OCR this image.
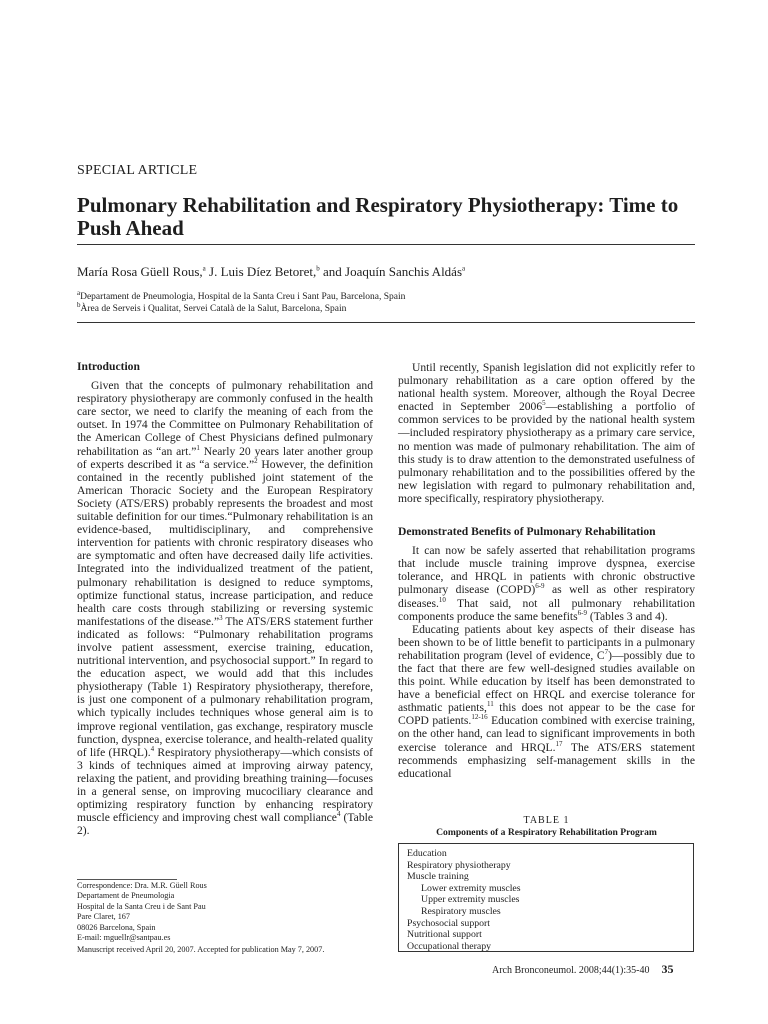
SPECIAL ARTICLE
Pulmonary Rehabilitation and Respiratory Physiotherapy: Time to Push Ahead
María Rosa Güell Rous,$^a$ J. Luis Díez Betoret,$^b$ and Joaquín Sanchis Aldás$^a$
$^a$Departament de Pneumologia, Hospital de la Santa Creu i Sant Pau, Barcelona, Spain
$^b$Àrea de Serveis i Qualitat, Servei Català de la Salut, Barcelona, Spain
Introduction

Given that the concepts of pulmonary rehabilitation and respiratory physiotherapy are commonly confused in the health care sector, we need to clarify the meaning of each from the outset. In 1974 the Committee on Pulmonary Rehabilitation of the American College of Chest Physicians defined pulmonary rehabilitation as “an art.”$^1$ Nearly 20 years later another group of experts described it as “a service.”$^2$ However, the definition contained in the recently published joint statement of the American Thoracic Society and the European Respiratory Society (ATS/ERS) probably represents the broadest and most suitable definition for our times.“Pulmonary rehabilitation is an evidence-based, multidisciplinary, and comprehensive intervention for patients with chronic respiratory diseases who are symptomatic and often have decreased daily life activities. Integrated into the individualized treatment of the patient, pulmonary rehabilitation is designed to reduce symptoms, optimize functional status, increase participation, and reduce health care costs through stabilizing or reversing systemic manifestations of the disease.”$^3$ The ATS/ERS statement further indicated as follows: “Pulmonary rehabilitation programs involve patient assessment, exercise training, education, nutritional intervention, and psychosocial support.” In regard to the education aspect, we would add that this includes physiotherapy (Table 1) Respiratory physiotherapy, therefore, is just one component of a pulmonary rehabilitation program, which typically includes techniques whose general aim is to improve regional ventilation, gas exchange, respiratory muscle function, dyspnea, exercise tolerance, and health-related quality of life (HRQL).$^4$ Respiratory physiotherapy—which consists of 3 kinds of techniques aimed at improving airway patency, relaxing the patient, and providing breathing training—focuses in a general sense, on improving mucociliary clearance and optimizing respiratory function by enhancing respiratory muscle efficiency and improving chest wall compliance$^4$ (Table 2).

Correspondence: Dra. M.R. Güell Rous
Departament de Pneumologia
Hospital de la Santa Creu i de Sant Pau
Pare Claret, 167
08026 Barcelona, Spain
E-mail: mguellr@santpau.es
Manuscript received April 20, 2007. Accepted for publication May 7, 2007.

Until recently, Spanish legislation did not explicitly refer to pulmonary rehabilitation as a care option offered by the national health system. Moreover, although the Royal Decree enacted in September 2006$^5$—establishing a portfolio of common services to be provided by the national health system—included respiratory physiotherapy as a primary care service, no mention was made of pulmonary rehabilitation. The aim of this study is to draw attention to the demonstrated usefulness of pulmonary rehabilitation and to the possibilities offered by the new legislation with regard to pulmonary rehabilitation and, more specifically, respiratory physiotherapy.

Demonstrated Benefits of Pulmonary Rehabilitation

It can now be safely asserted that rehabilitation programs that include muscle training improve dyspnea, exercise tolerance, and HRQL in patients with chronic obstructive pulmonary disease (COPD)$^{6-9}$ as well as other respiratory diseases.$^{10}$ That said, not all pulmonary rehabilitation components produce the same benefits$^{6-9}$ (Tables 3 and 4).

Educating patients about key aspects of their disease has been shown to be of little benefit to participants in a pulmonary rehabilitation program (level of evidence, $C^7)—possibly$ due to the fact that there are few well-designed studies available on this point. While education by itself has been demonstrated to have a beneficial effect on HRQL and exercise tolerance for asthmatic patients,$^{11}$ this does not appear to be the case for COPD patients.$^{12-16}$ Education combined with exercise training, on the other hand, can lead to significant improvements in both exercise tolerance and HRQL.$^{17}$ The ATS/ERS statement recommends emphasizing self-management skills in the educational

TABLE 1
Components of a Respiratory Rehabilitation Program
Education
Respiratory physiotherapy
Muscle training
Lower extremity muscles
Upper extremity muscles
Respiratory muscles
Psychosocial support
Nutritional support
Occupational therapy
Arch Bronconeumol. 2008;44(1):35-40 35
